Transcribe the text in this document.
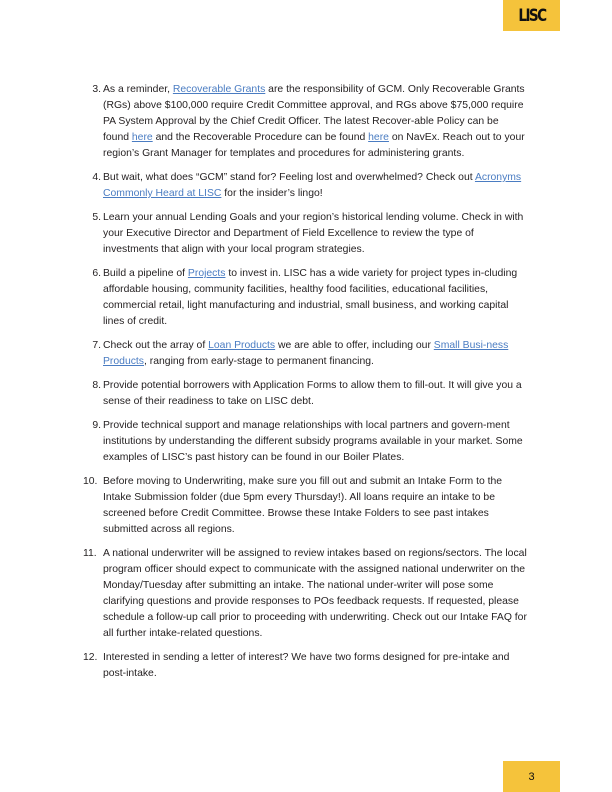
LISC
3. As a reminder, Recoverable Grants are the responsibility of GCM. Only Recoverable Grants (RGs) above $100,000 require Credit Committee approval, and RGs above $75,000 require PA System Approval by the Chief Credit Officer. The latest Recover-able Policy can be found here and the Recoverable Procedure can be found here on NavEx. Reach out to your region’s Grant Manager for templates and procedures for administering grants.
4. But wait, what does “GCM” stand for? Feeling lost and overwhelmed? Check out Acronyms Commonly Heard at LISC for the insider’s lingo!
5. Learn your annual Lending Goals and your region’s historical lending volume. Check in with your Executive Director and Department of Field Excellence to review the type of investments that align with your local program strategies.
6. Build a pipeline of Projects to invest in. LISC has a wide variety for project types in-cluding affordable housing, community facilities, healthy food facilities, educational facilities, commercial retail, light manufacturing and industrial, small business, and working capital lines of credit.
7. Check out the array of Loan Products we are able to offer, including our Small Busi-ness Products, ranging from early-stage to permanent financing.
8. Provide potential borrowers with Application Forms to allow them to fill-out. It will give you a sense of their readiness to take on LISC debt.
9. Provide technical support and manage relationships with local partners and govern-ment institutions by understanding the different subsidy programs available in your market. Some examples of LISC’s past history can be found in our Boiler Plates.
10. Before moving to Underwriting, make sure you fill out and submit an Intake Form to the Intake Submission folder (due 5pm every Thursday!). All loans require an intake to be screened before Credit Committee. Browse these Intake Folders to see past intakes submitted across all regions.
11. A national underwriter will be assigned to review intakes based on regions/sectors. The local program officer should expect to communicate with the assigned national underwriter on the Monday/Tuesday after submitting an intake. The national under-writer will pose some clarifying questions and provide responses to POs feedback requests. If requested, please schedule a follow-up call prior to proceeding with underwriting. Check out our Intake FAQ for all further intake-related questions.
12. Interested in sending a letter of interest? We have two forms designed for pre-intake and post-intake.
3
